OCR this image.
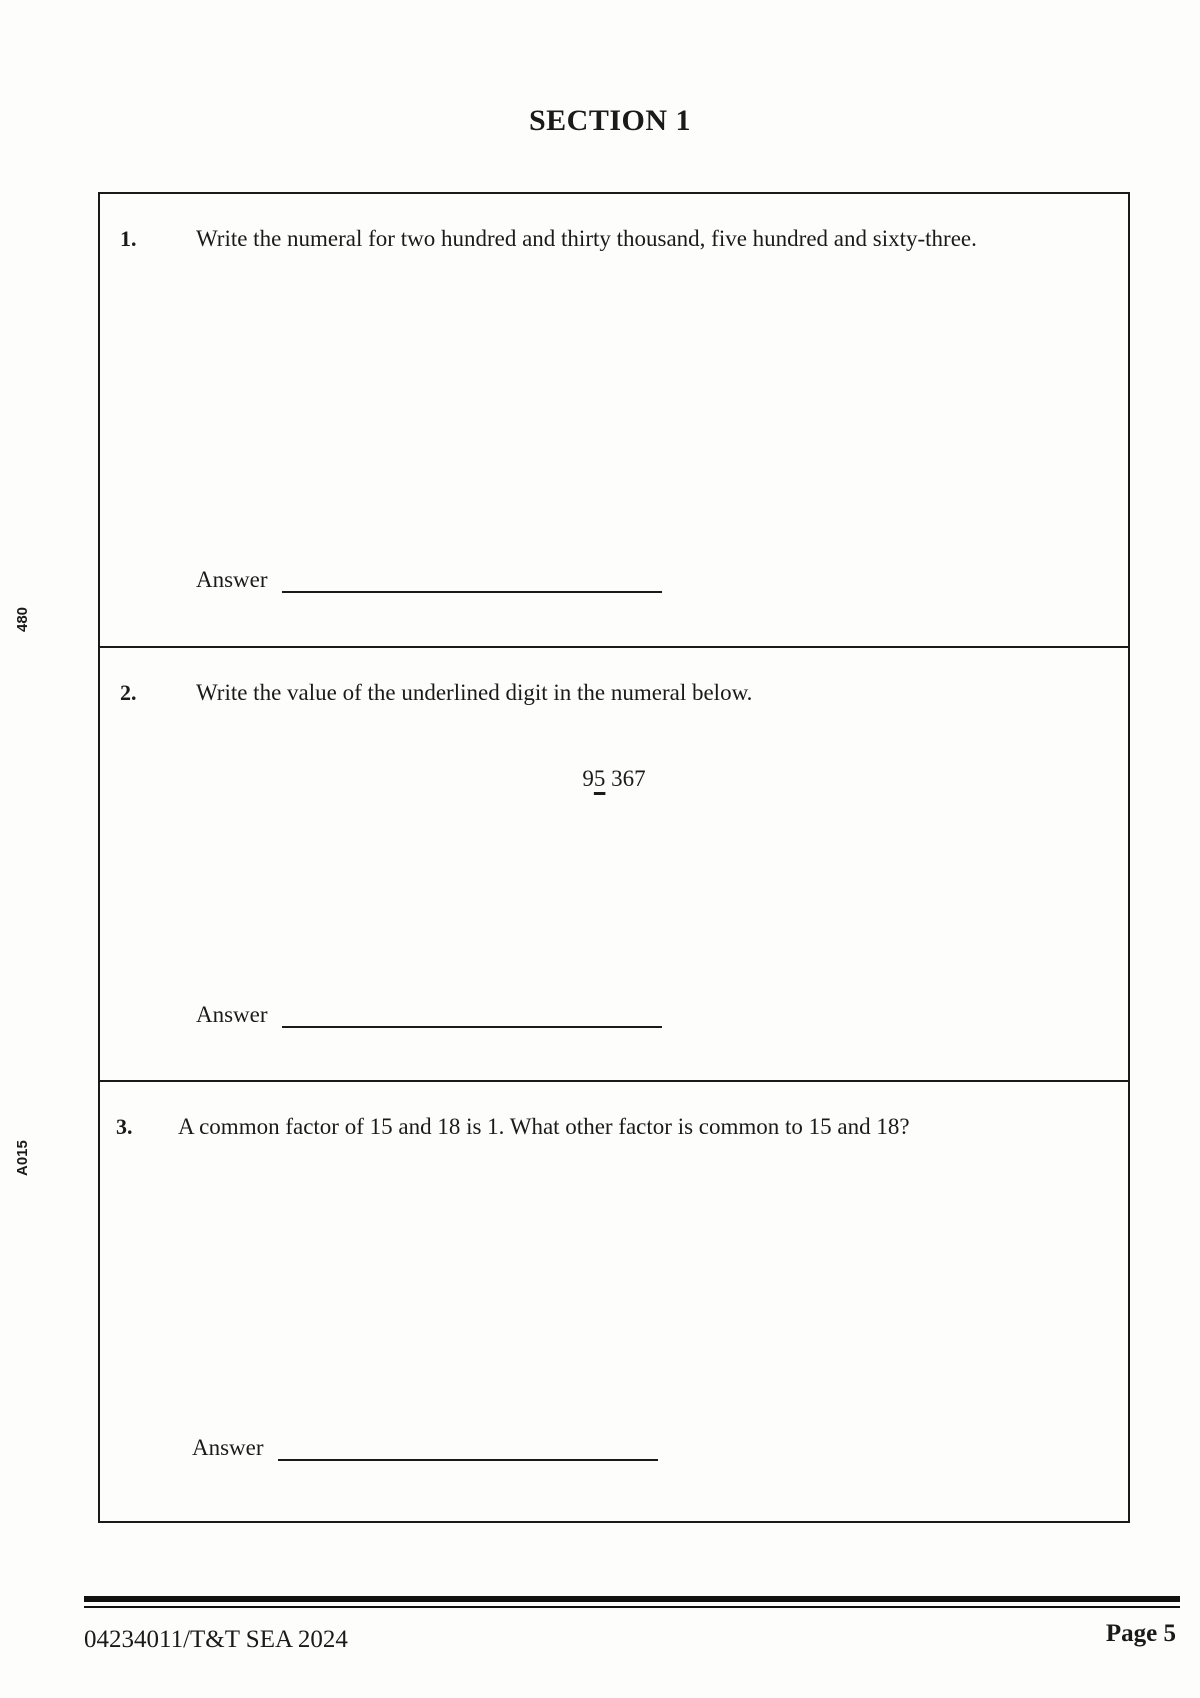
480
A015
SECTION 1
1.	Write the numeral for two hundred and thirty thousand, five hundred and sixty-three.
Answer
2.	Write the value of the underlined digit in the numeral below.
95 367
Answer
3. A common factor of 15 and 18 is 1. What other factor is common to 15 and 18?
Answer
04234011/T&T SEA 2024	Page 5
